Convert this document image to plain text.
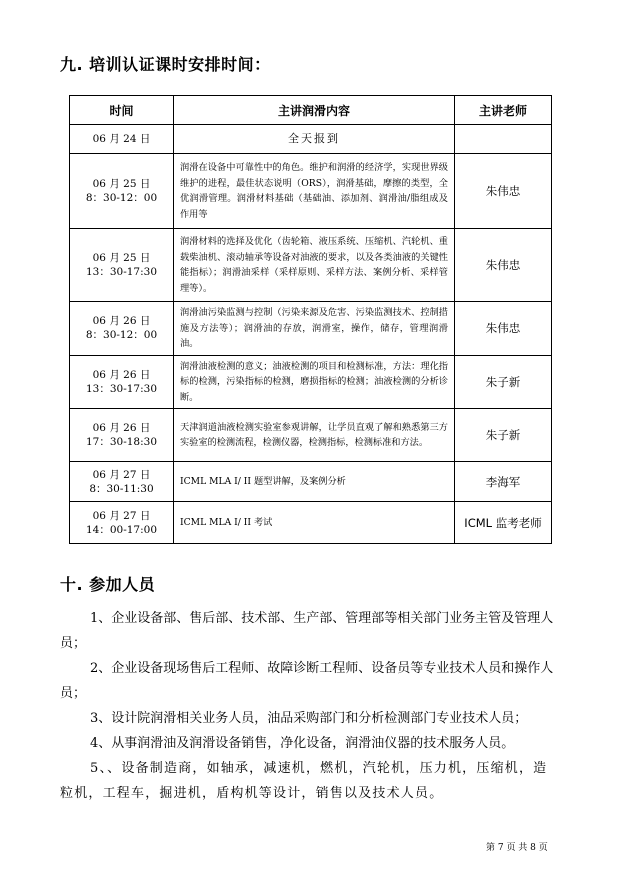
九. 培训认证课时安排时间：
时间	主讲润滑内容	主讲老师

06 月 24 日	全天报到	

06 月 25 日
8：30-12：00	润滑在设备中可靠性中的角色。维护和润滑的经济学，实现世界级维护的进程，最佳状态说明（ORS），润滑基础，摩擦的类型，全优润滑管理。润滑材料基础（基础油、添加剂、润滑油/脂组成及作用等	朱伟忠

06 月 25 日
13：30-17:30	润滑材料的选择及优化（齿轮箱、液压系统、压缩机、汽轮机、重载柴油机、滚动轴承等设备对油液的要求，以及各类油液的关键性能指标）；润滑油采样（采样原则、采样方法、案例分析、采样管理等）。	朱伟忠

06 月 26 日
8：30-12：00	润滑油污染监测与控制（污染来源及危害、污染监测技术、控制措施及方法等）；润滑油的存放，润滑室，操作，储存，管理润滑油。	朱伟忠

06 月 26 日
13：30-17:30	润滑油液检测的意义；油液检测的项目和检测标准，方法：理化指标的检测，污染指标的检测，磨损指标的检测；油液检测的分析诊断。	朱子新

06 月 26 日
17：30-18:30	天津润道油液检测实验室参观讲解，让学员直观了解和熟悉第三方实验室的检测流程，检测仪器，检测指标，检测标准和方法。	朱子新

06 月 27 日
8：30-11:30	ICML MLA I/ II 题型讲解，及案例分析	李海军

06 月 27 日
14：00-17:00	ICML MLA I/ II 考试	ICML 监考老师
十. 参加人员
1、企业设备部、售后部、技术部、生产部、管理部等相关部门业务主管及管理人员；
2、企业设备现场售后工程师、故障诊断工程师、设备员等专业技术人员和操作人员；
3、设计院润滑相关业务人员，油品采购部门和分析检测部门专业技术人员；
4、从事润滑油及润滑设备销售，净化设备，润滑油仪器的技术服务人员。
5、、设备制造商，如轴承，减速机，燃机，汽轮机，压力机，压缩机，造粒机，工程车，掘进机，盾构机等设计，销售以及技术人员。
第 7 页 共 8 页
